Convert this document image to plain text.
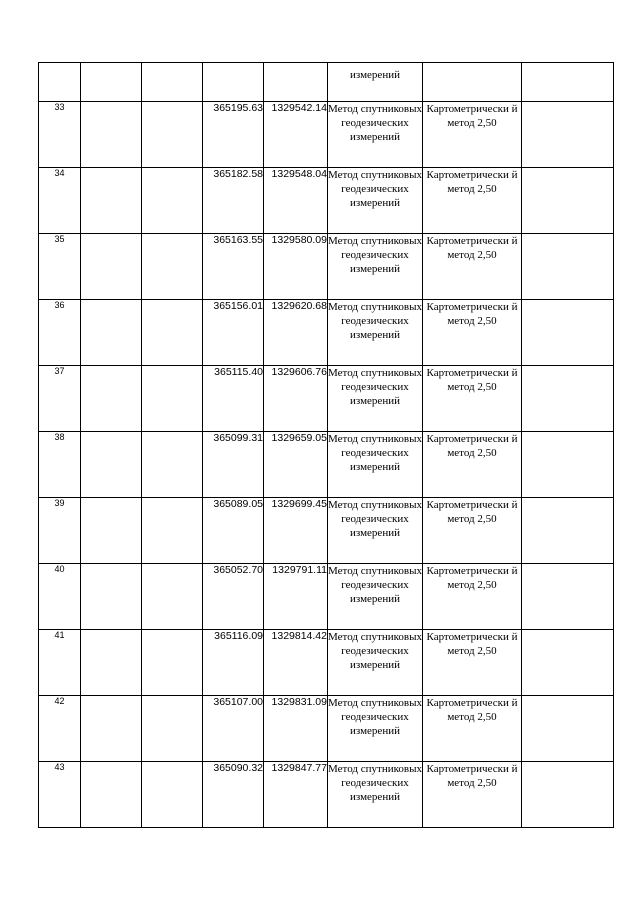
					измерений		
33			365195.63	1329542.14	Метод спутниковых геодезических измерений	Картометрически й метод 2,50	
34			365182.58	1329548.04	Метод спутниковых геодезических измерений	Картометрически й метод 2,50	
35			365163.55	1329580.09	Метод спутниковых геодезических измерений	Картометрически й метод 2,50	
36			365156.01	1329620.68	Метод спутниковых геодезических измерений	Картометрически й метод 2,50	
37			365115.40	1329606.76	Метод спутниковых геодезических измерений	Картометрически й метод 2,50	
38			365099.31	1329659.05	Метод спутниковых геодезических измерений	Картометрически й метод 2,50	
39			365089.05	1329699.45	Метод спутниковых геодезических измерений	Картометрически й метод 2,50	
40			365052.70	1329791.11	Метод спутниковых геодезических измерений	Картометрически й метод 2,50	
41			365116.09	1329814.42	Метод спутниковых геодезических измерений	Картометрически й метод 2,50	
42			365107.00	1329831.09	Метод спутниковых геодезических измерений	Картометрически й метод 2,50	
43			365090.32	1329847.77	Метод спутниковых геодезических измерений	Картометрически й метод 2,50	
